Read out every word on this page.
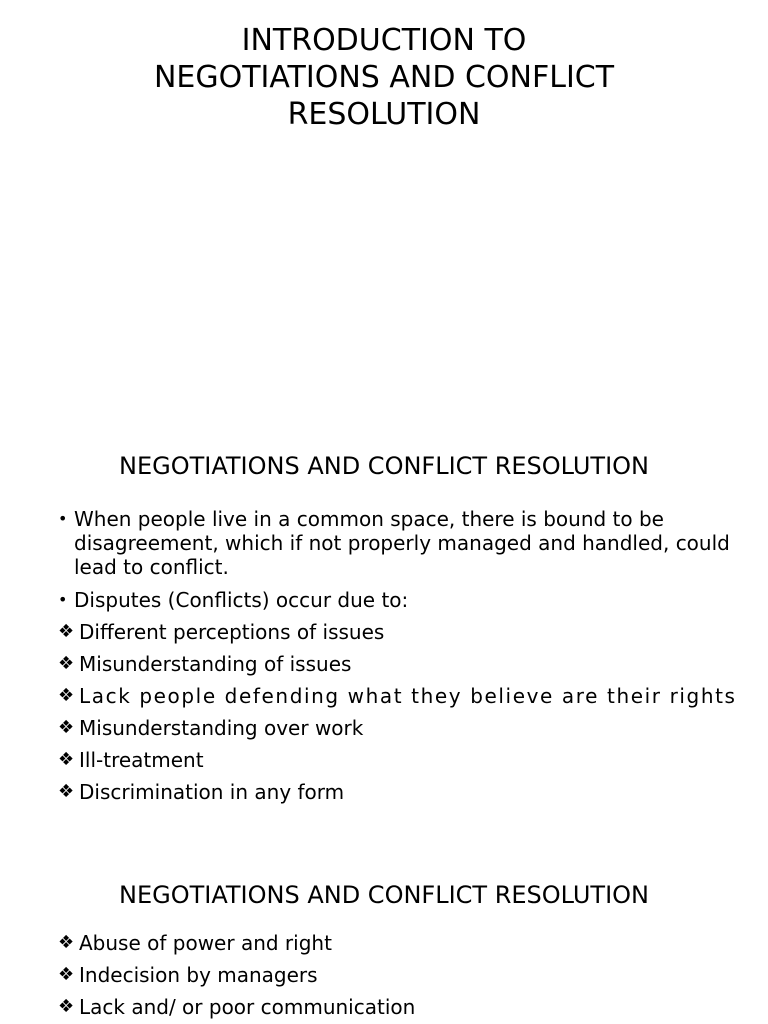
INTRODUCTION TO
NEGOTIATIONS AND CONFLICT
RESOLUTION
NEGOTIATIONS AND CONFLICT RESOLUTION
• When people live in a common space, there is bound to be disagreement, which if not properly managed and handled, could lead to conflict.
• Disputes (Conflicts) occur due to:
❖ Different perceptions of issues
❖ Misunderstanding of issues
❖ Lack people defending what they believe are their rights
❖ Misunderstanding over work
❖ Ill-treatment
❖ Discrimination in any form
NEGOTIATIONS AND CONFLICT RESOLUTION
❖ Abuse of power and right
❖ Indecision by managers
❖ Lack and/ or poor communication
